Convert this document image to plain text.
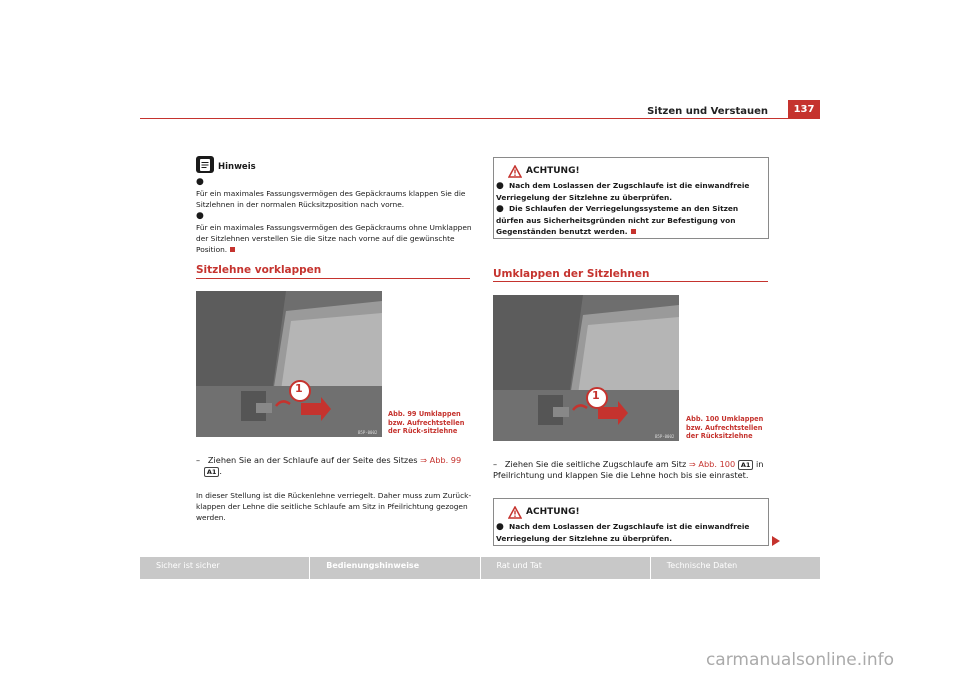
Sitzen und Verstauen	137
Hinweis
●
Für ein maximales Fassungsvermögen des Gepäckraums klappen Sie die Sitzlehnen in der normalen Rücksitzposition nach vorne.
●
Für ein maximales Fassungsvermögen des Gepäckraums ohne Umklappen der Sitzlehnen verstellen Sie die Sitze nach vorne auf die gewünschte Position.
Sitzlehne vorklappen
1
B5P-0002
Abb. 99 Umklappen bzw. Aufrechtstellen der Rück-sitzlehne
– Ziehen Sie an der Schlaufe auf der Seite des Sitzes ⇒ Abb. 99
A1 .
In dieser Stellung ist die Rückenlehne verriegelt. Daher muss zum Zurück-klappen der Lehne die seitliche Schlaufe am Sitz in Pfeilrichtung gezogen werden.
ACHTUNG!
● Nach dem Loslassen der Zugschlaufe ist die einwandfreie Verriegelung der Sitzlehne zu überprüfen.
● Die Schlaufen der Verriegelungssysteme an den Sitzen dürfen aus Sicherheitsgründen nicht zur Befestigung von Gegenständen benutzt werden.
Umklappen der Sitzlehnen
1
B5P-0002
Abb. 100 Umklappen bzw. Aufrechtstellen der Rücksitzlehne
– Ziehen Sie die seitliche Zugschlaufe am Sitz ⇒ Abb. 100 A1 in Pfeilrichtung und klappen Sie die Lehne hoch bis sie einrastet.
ACHTUNG!
● Nach dem Loslassen der Zugschlaufe ist die einwandfreie Verriegelung der Sitzlehne zu überprüfen.
Sicher ist sicher	Bedienungshinweise	Rat und Tat	Technische Daten
carmanualsonline.info
